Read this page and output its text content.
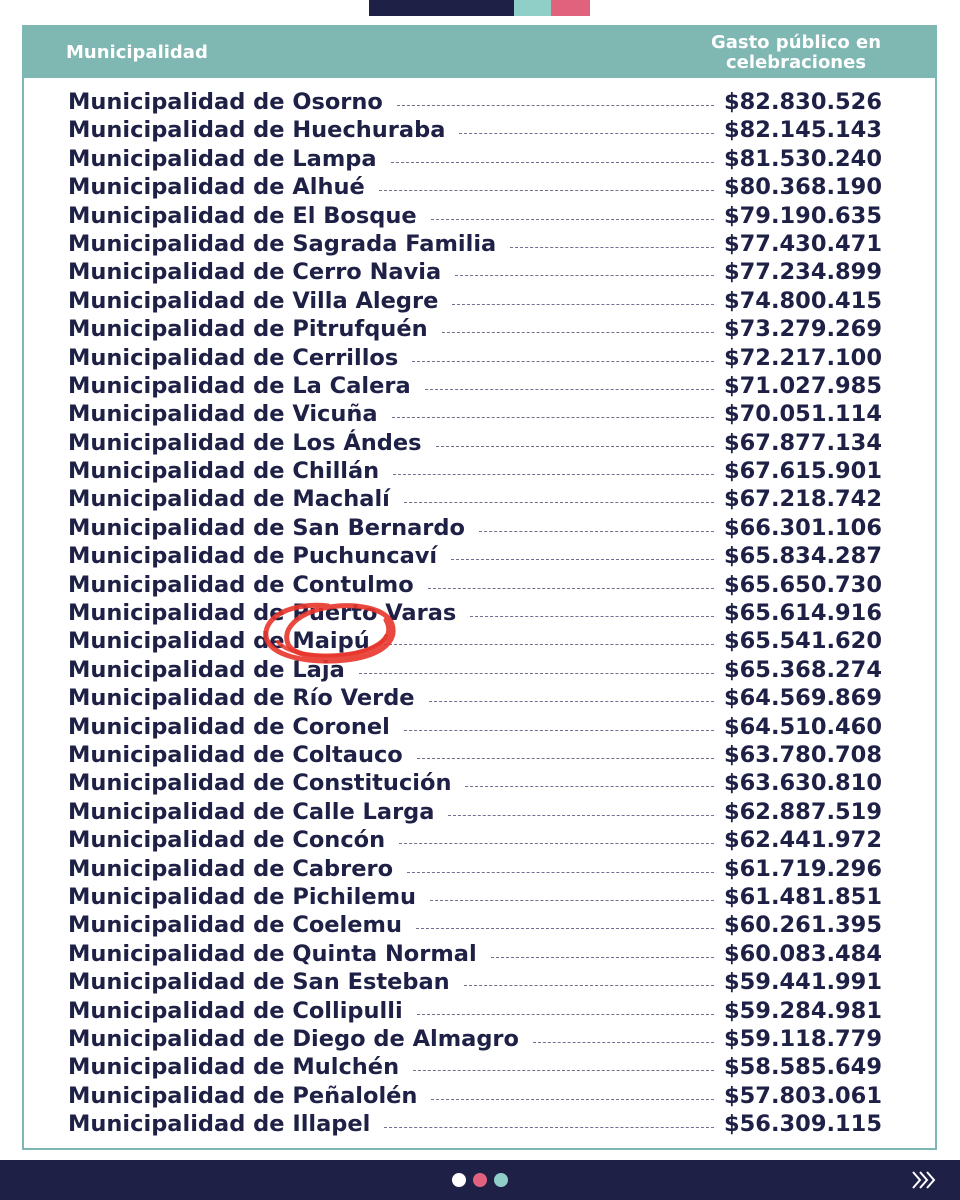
Municipalidad	Gasto público en
celebraciones
Municipalidad de Osorno	$82.830.526
Municipalidad de Huechuraba	$82.145.143
Municipalidad de Lampa	$81.530.240
Municipalidad de Alhué	$80.368.190
Municipalidad de El Bosque	$79.190.635
Municipalidad de Sagrada Familia	$77.430.471
Municipalidad de Cerro Navia	$77.234.899
Municipalidad de Villa Alegre	$74.800.415
Municipalidad de Pitrufquén	$73.279.269
Municipalidad de Cerrillos	$72.217.100
Municipalidad de La Calera	$71.027.985
Municipalidad de Vicuña	$70.051.114
Municipalidad de Los Ándes	$67.877.134
Municipalidad de Chillán	$67.615.901
Municipalidad de Machalí	$67.218.742
Municipalidad de San Bernardo	$66.301.106
Municipalidad de Puchuncaví	$65.834.287
Municipalidad de Contulmo	$65.650.730
Municipalidad de Puerto Varas	$65.614.916
Municipalidad de Maipú	$65.541.620
Municipalidad de Laja	$65.368.274
Municipalidad de Río Verde	$64.569.869
Municipalidad de Coronel	$64.510.460
Municipalidad de Coltauco	$63.780.708
Municipalidad de Constitución	$63.630.810
Municipalidad de Calle Larga	$62.887.519
Municipalidad de Concón	$62.441.972
Municipalidad de Cabrero	$61.719.296
Municipalidad de Pichilemu	$61.481.851
Municipalidad de Coelemu	$60.261.395
Municipalidad de Quinta Normal	$60.083.484
Municipalidad de San Esteban	$59.441.991
Municipalidad de Collipulli	$59.284.981
Municipalidad de Diego de Almagro	$59.118.779
Municipalidad de Mulchén	$58.585.649
Municipalidad de Peñalolén	$57.803.061
Municipalidad de Illapel	$56.309.115
